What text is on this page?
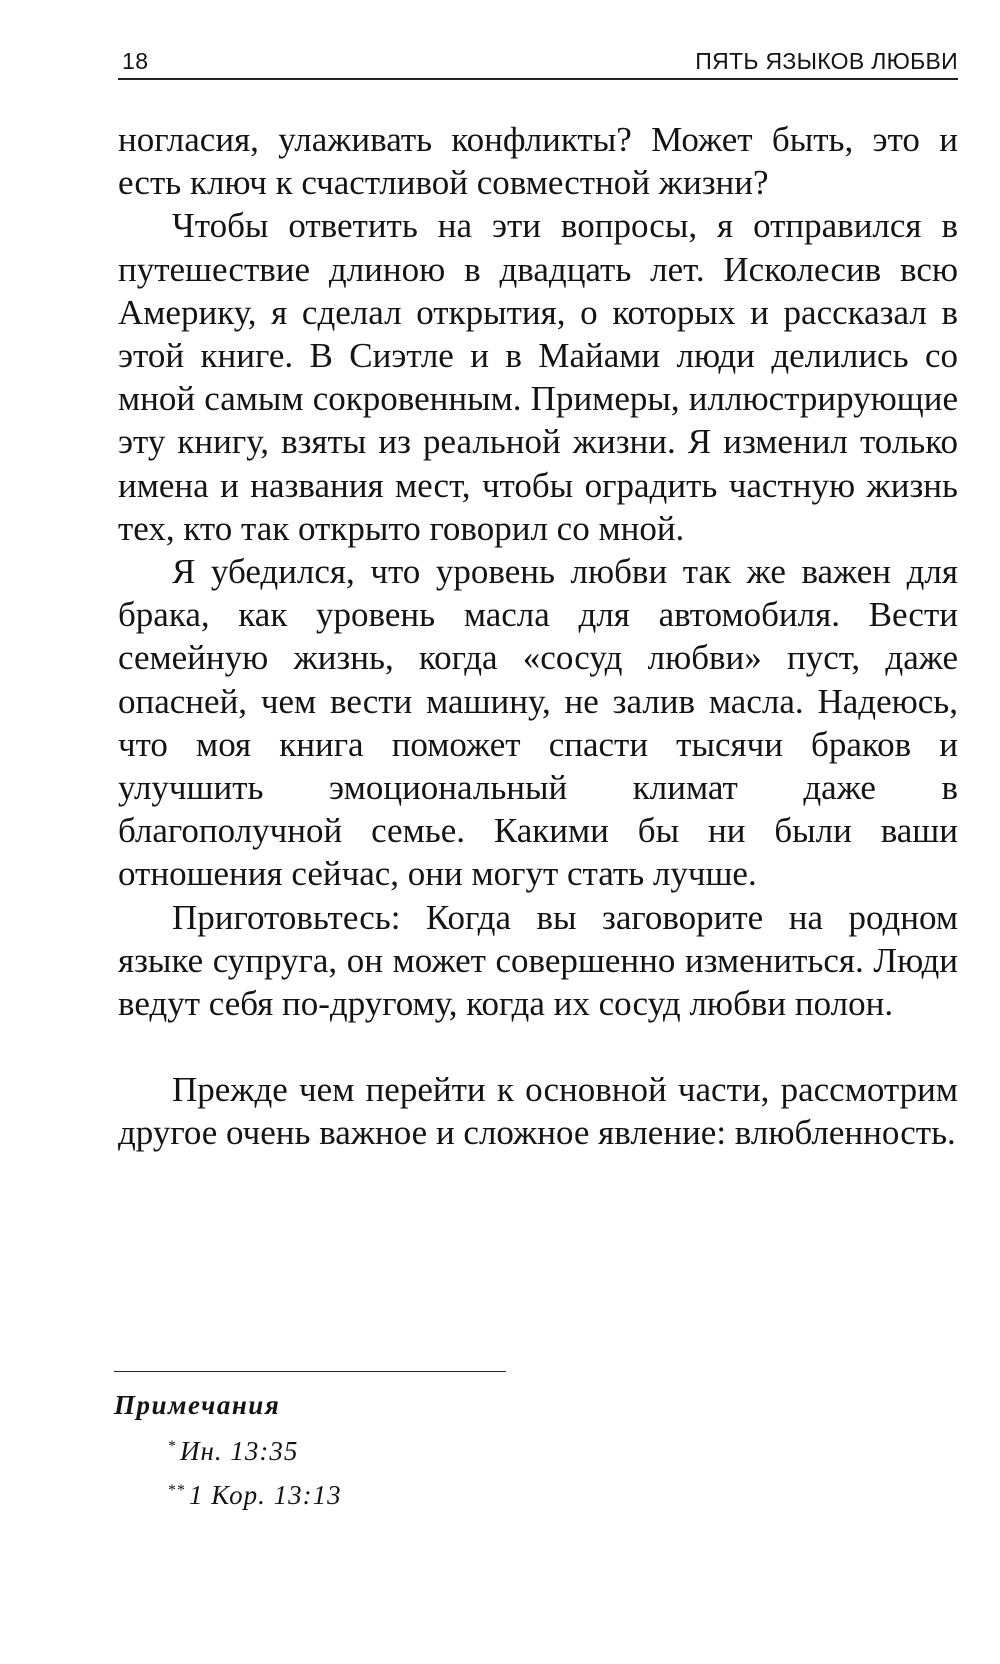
18	ПЯТЬ ЯЗЫКОВ ЛЮБВИ

ногласия, улаживать конфликты? Может быть, это и есть ключ к счастливой совместной жизни?

Чтобы ответить на эти вопросы, я отправился в путешествие длиною в двадцать лет. Исколесив всю Америку, я сделал открытия, о которых и рассказал в этой книге. В Сиэтле и в Майами люди делились со мной самым сокровенным. Примеры, иллюстрирующие эту книгу, взяты из реальной жизни. Я изменил только имена и названия мест, чтобы оградить частную жизнь тех, кто так открыто говорил со мной.

Я убедился, что уровень любви так же важен для брака, как уровень масла для автомобиля. Вести семейную жизнь, когда «сосуд любви» пуст, даже опасней, чем вести машину, не залив масла. Надеюсь, что моя книга поможет спасти тысячи браков и улучшить эмоциональный климат даже в благополучной семье. Какими бы ни были ваши отношения сейчас, они могут стать лучше.

Приготовьтесь: Когда вы заговорите на родном языке супруга, он может совершенно измениться. Люди ведут себя по-другому, когда их сосуд любви полон.

Прежде чем перейти к основной части, рассмотрим другое очень важное и сложное явление: влюбленность.

Примечания
* Ин. 13:35
** 1 Кор. 13:13
